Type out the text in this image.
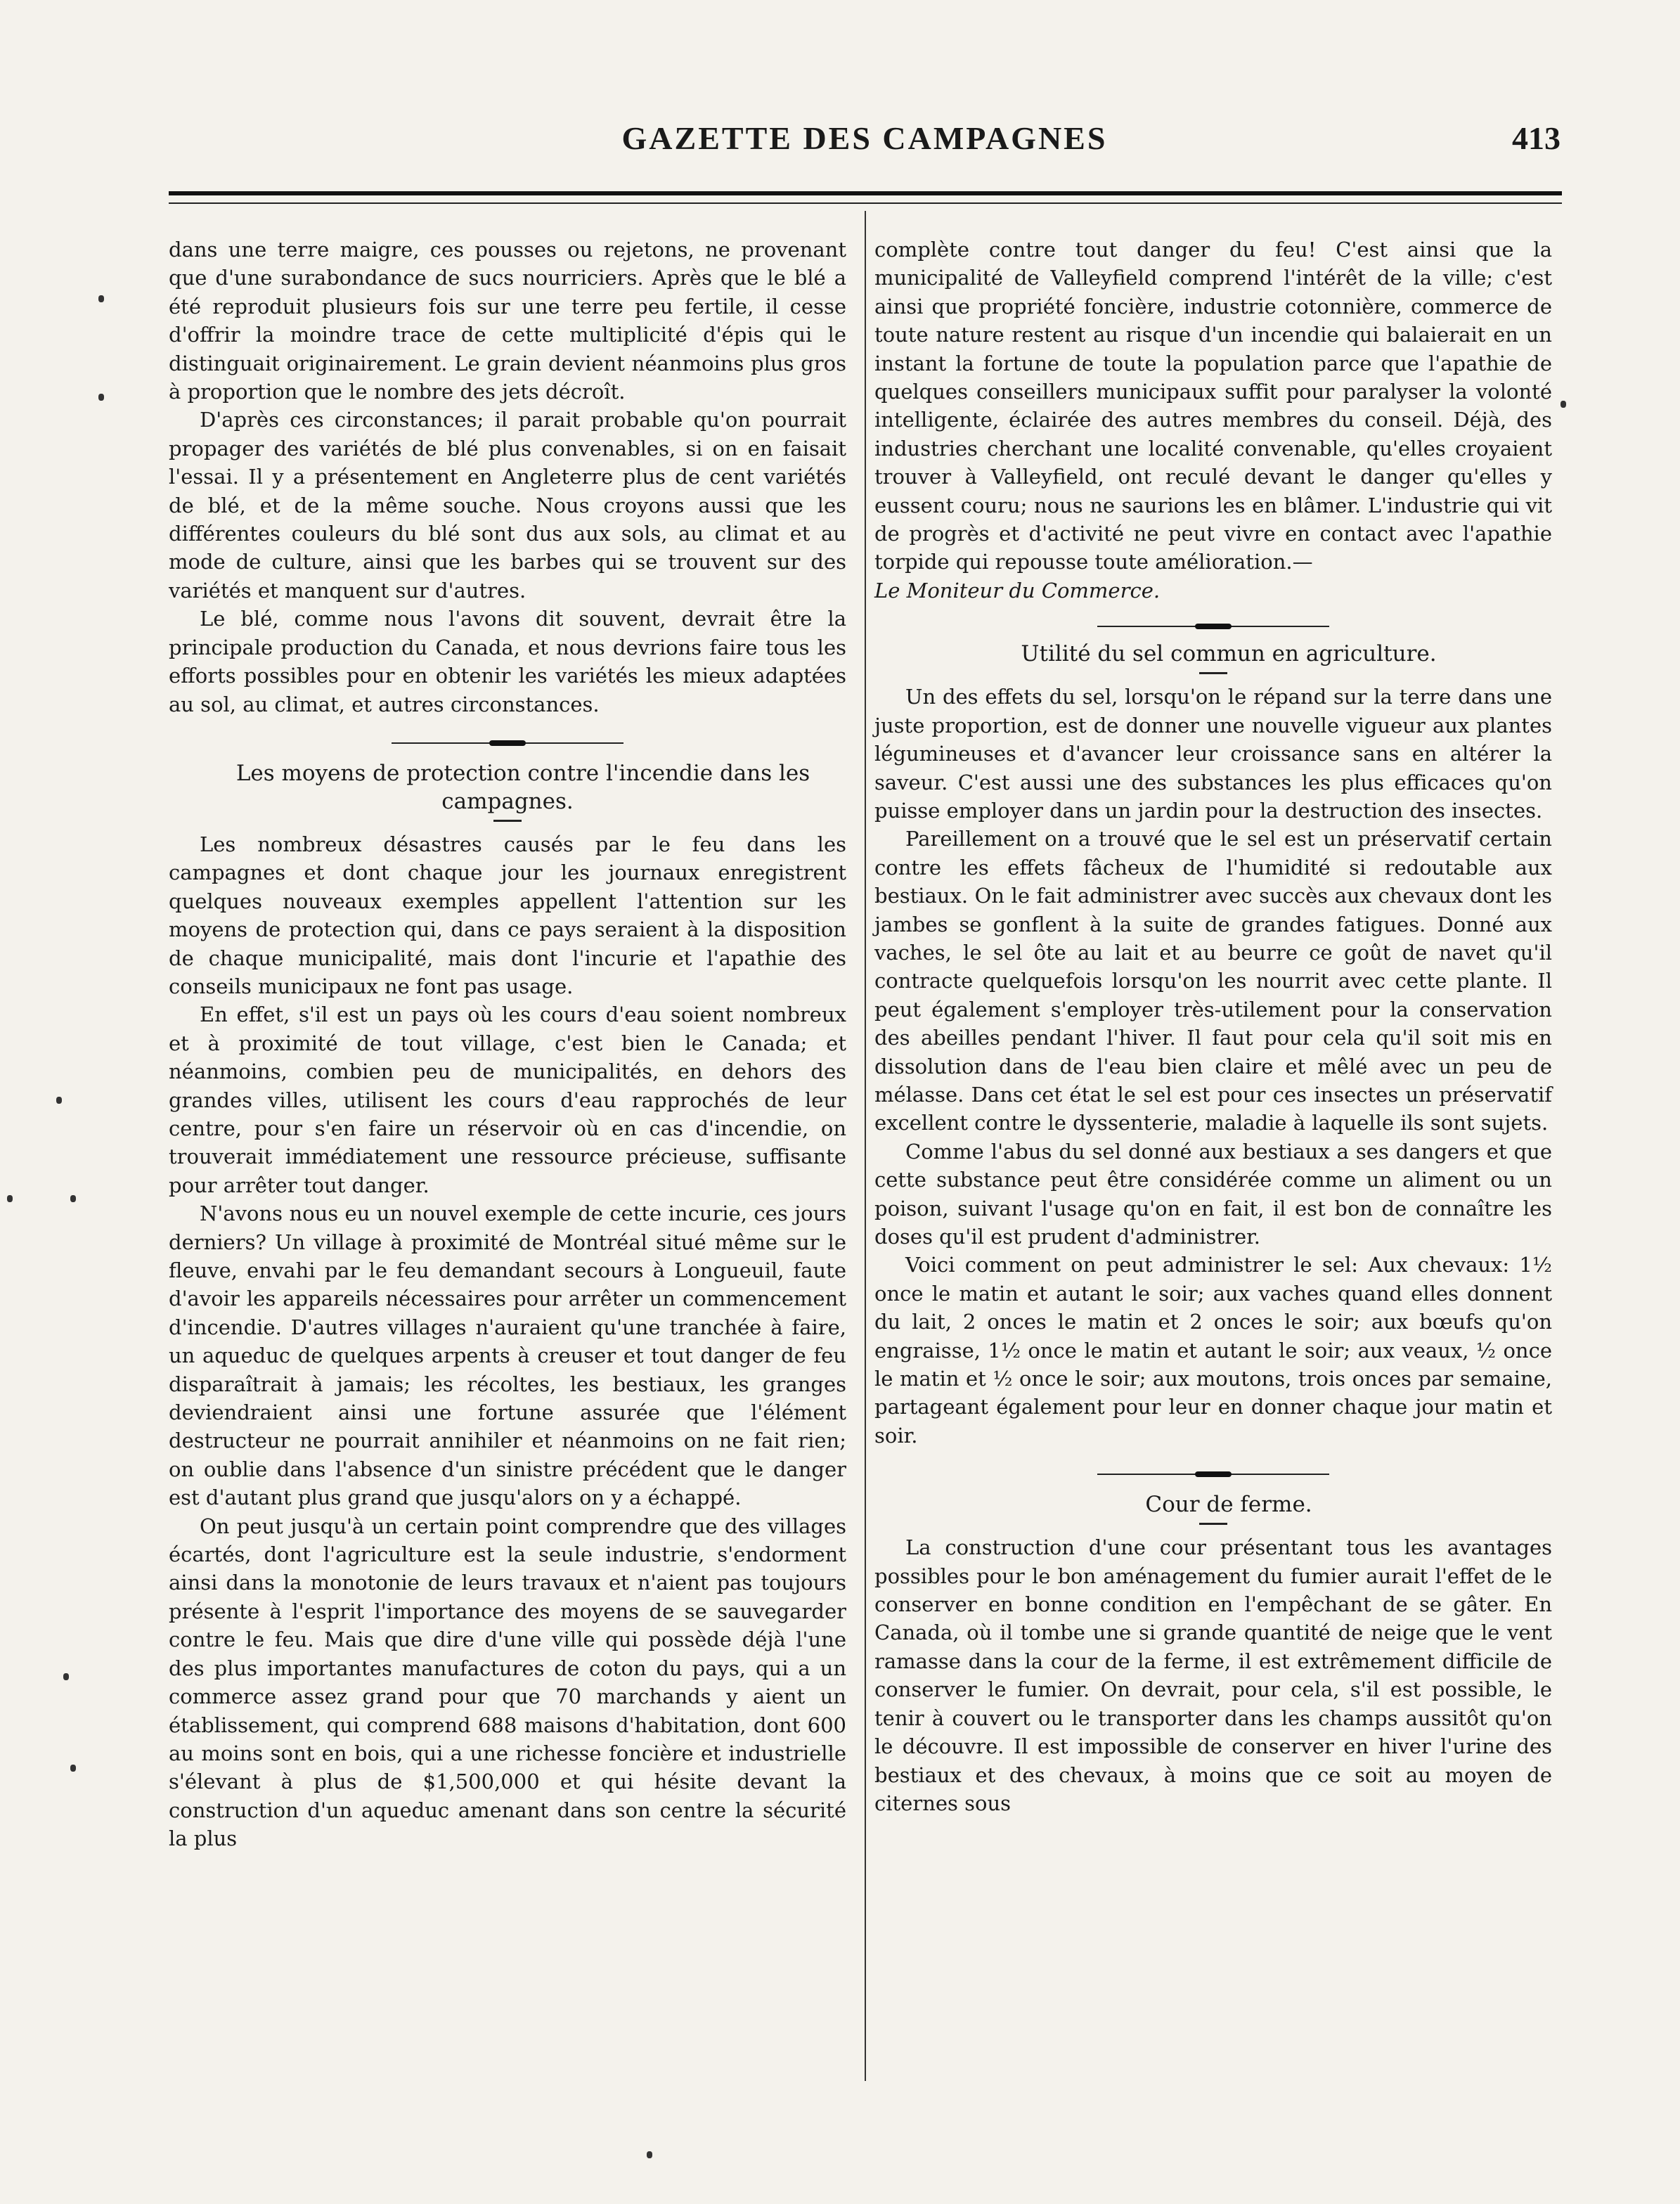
GAZETTE DES CAMPAGNES	413

dans une terre maigre, ces pousses ou rejetons, ne provenant que d'une surabondance de sucs nourriciers. Après que le blé a été reproduit plusieurs fois sur une terre peu fertile, il cesse d'offrir la moindre trace de cette multiplicité d'épis qui le distinguait originairement. Le grain devient néanmoins plus gros à proportion que le nombre des jets décroît.

D'après ces circonstances; il parait probable qu'on pourrait propager des variétés de blé plus convenables, si on en faisait l'essai. Il y a présentement en Angleterre plus de cent variétés de blé, et de la même souche. Nous croyons aussi que les différentes couleurs du blé sont dus aux sols, au climat et au mode de culture, ainsi que les barbes qui se trouvent sur des variétés et manquent sur d'autres.

Le blé, comme nous l'avons dit souvent, devrait être la principale production du Canada, et nous devrions faire tous les efforts possibles pour en obtenir les variétés les mieux adaptées au sol, au climat, et autres circonstances.

Les moyens de protection contre l'incendie dans les campagnes.

Les nombreux désastres causés par le feu dans les campagnes et dont chaque jour les journaux enregistrent quelques nouveaux exemples appellent l'attention sur les moyens de protection qui, dans ce pays seraient à la disposition de chaque municipalité, mais dont l'incurie et l'apathie des conseils municipaux ne font pas usage.

En effet, s'il est un pays où les cours d'eau soient nombreux et à proximité de tout village, c'est bien le Canada; et néanmoins, combien peu de municipalités, en dehors des grandes villes, utilisent les cours d'eau rapprochés de leur centre, pour s'en faire un réservoir où en cas d'incendie, on trouverait immédiatement une ressource précieuse, suffisante pour arrêter tout danger.

N'avons nous eu un nouvel exemple de cette incurie, ces jours derniers? Un village à proximité de Montréal situé même sur le fleuve, envahi par le feu demandant secours à Longueuil, faute d'avoir les appareils nécessaires pour arrêter un commencement d'incendie. D'autres villages n'auraient qu'une tranchée à faire, un aqueduc de quelques arpents à creuser et tout danger de feu disparaîtrait à jamais; les récoltes, les bestiaux, les granges deviendraient ainsi une fortune assurée que l'élément destructeur ne pourrait annihiler et néanmoins on ne fait rien; on oublie dans l'absence d'un sinistre précédent que le danger est d'autant plus grand que jusqu'alors on y a échappé.

On peut jusqu'à un certain point comprendre que des villages écartés, dont l'agriculture est la seule industrie, s'endorment ainsi dans la monotonie de leurs travaux et n'aient pas toujours présente à l'esprit l'importance des moyens de se sauvegarder contre le feu. Mais que dire d'une ville qui possède déjà l'une des plus importantes manufactures de coton du pays, qui a un commerce assez grand pour que 70 marchands y aient un établissement, qui comprend 688 maisons d'habitation, dont 600 au moins sont en bois, qui a une richesse foncière et industrielle s'élevant à plus de $1,500,000 et qui hésite devant la construction d'un aqueduc amenant dans son centre la sécurité la plus

complète contre tout danger du feu! C'est ainsi que la municipalité de Valleyfield comprend l'intérêt de la ville; c'est ainsi que propriété foncière, industrie cotonnière, commerce de toute nature restent au risque d'un incendie qui balaierait en un instant la fortune de toute la population parce que l'apathie de quelques conseillers municipaux suffit pour paralyser la volonté intelligente, éclairée des autres membres du conseil. Déjà, des industries cherchant une localité convenable, qu'elles croyaient trouver à Valleyfield, ont reculé devant le danger qu'elles y eussent couru; nous ne saurions les en blâmer. L'industrie qui vit de progrès et d'activité ne peut vivre en contact avec l'apathie torpide qui repousse toute amélioration.—

Le Moniteur du Commerce.

Utilité du sel commun en agriculture.

Un des effets du sel, lorsqu'on le répand sur la terre dans une juste proportion, est de donner une nouvelle vigueur aux plantes légumineuses et d'avancer leur croissance sans en altérer la saveur. C'est aussi une des substances les plus efficaces qu'on puisse employer dans un jardin pour la destruction des insectes.

Pareillement on a trouvé que le sel est un préservatif certain contre les effets fâcheux de l'humidité si redoutable aux bestiaux. On le fait administrer avec succès aux chevaux dont les jambes se gonflent à la suite de grandes fatigues. Donné aux vaches, le sel ôte au lait et au beurre ce goût de navet qu'il contracte quelquefois lorsqu'on les nourrit avec cette plante. Il peut également s'employer très-utilement pour la conservation des abeilles pendant l'hiver. Il faut pour cela qu'il soit mis en dissolution dans de l'eau bien claire et mêlé avec un peu de mélasse. Dans cet état le sel est pour ces insectes un préservatif excellent contre le dyssenterie, maladie à laquelle ils sont sujets.

Comme l'abus du sel donné aux bestiaux a ses dangers et que cette substance peut être considérée comme un aliment ou un poison, suivant l'usage qu'on en fait, il est bon de connaître les doses qu'il est prudent d'administrer.

Voici comment on peut administrer le sel: Aux chevaux: 1½ once le matin et autant le soir; aux vaches quand elles donnent du lait, 2 onces le matin et 2 onces le soir; aux bœufs qu'on engraisse, 1½ once le matin et autant le soir; aux veaux, ½ once le matin et ½ once le soir; aux moutons, trois onces par semaine, partageant également pour leur en donner chaque jour matin et soir.

Cour de ferme.

La construction d'une cour présentant tous les avantages possibles pour le bon aménagement du fumier aurait l'effet de le conserver en bonne condition en l'empêchant de se gâter. En Canada, où il tombe une si grande quantité de neige que le vent ramasse dans la cour de la ferme, il est extrêmement difficile de conserver le fumier. On devrait, pour cela, s'il est possible, le tenir à couvert ou le transporter dans les champs aussitôt qu'on le découvre. Il est impossible de conserver en hiver l'urine des bestiaux et des chevaux, à moins que ce soit au moyen de citernes sous
